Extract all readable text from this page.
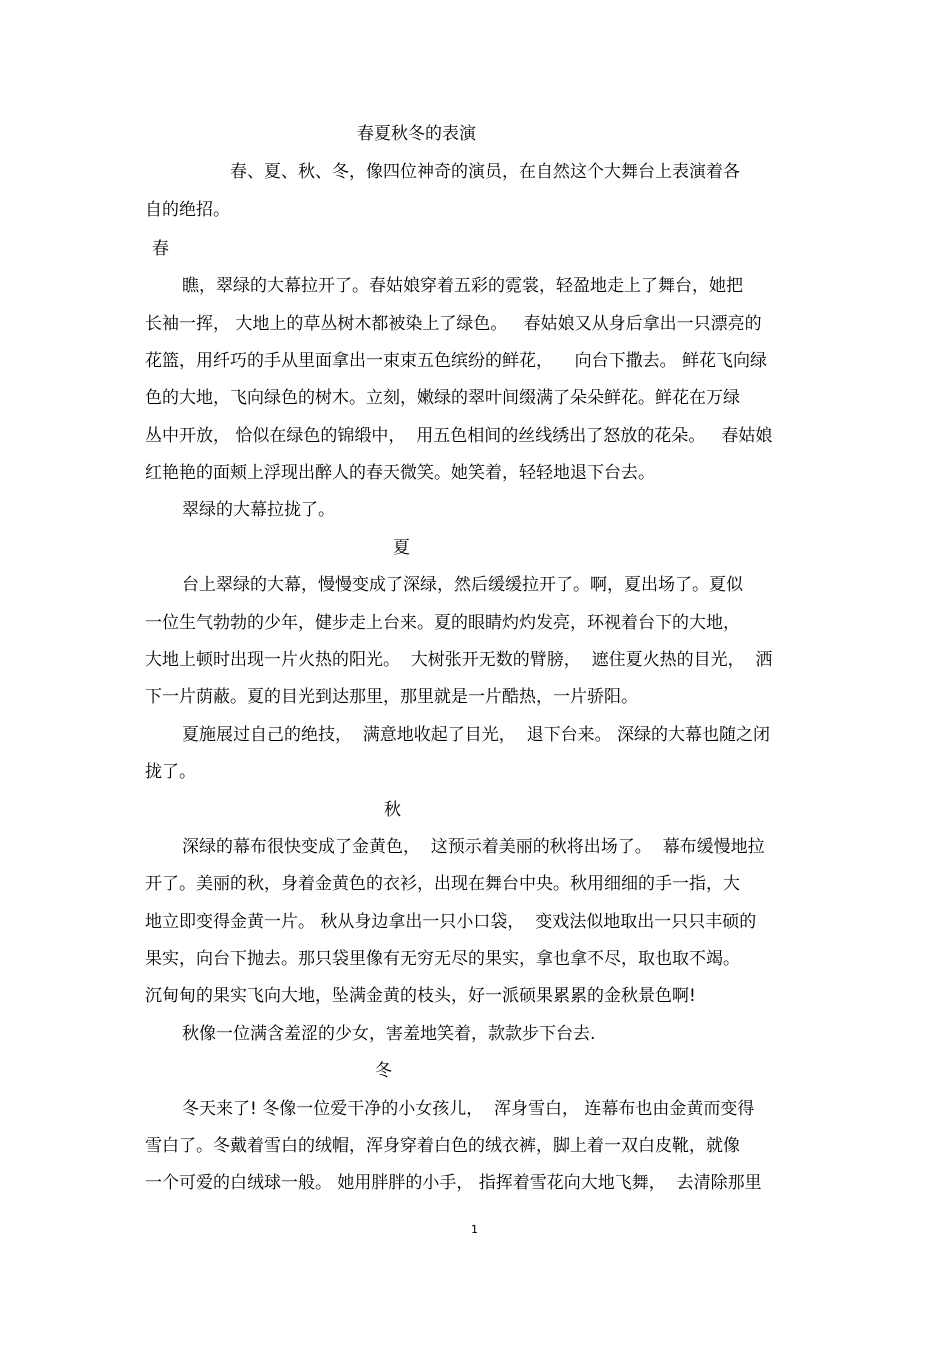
春夏秋冬的表演
春、夏、秋、冬，像四位神奇的演员，在自然这个大舞台上表演着各
自的绝招。
春
瞧，翠绿的大幕拉开了。春姑娘穿着五彩的霓裳，轻盈地走上了舞台，她把
长袖一挥， 大地上的草丛树木都被染上了绿色。   春姑娘又从身后拿出一只漂亮的
花篮，用纤巧的手从里面拿出一束束五色缤纷的鲜花，    向台下撒去。 鲜花飞向绿
色的大地，飞向绿色的树木。立刻，嫩绿的翠叶间缀满了朵朵鲜花。鲜花在万绿
丛中开放， 恰似在绿色的锦缎中，  用五色相间的丝线绣出了怒放的花朵。   春姑娘
红艳艳的面颊上浮现出醉人的春天微笑。她笑着，轻轻地退下台去。
翠绿的大幕拉拢了。
夏
台上翠绿的大幕，慢慢变成了深绿，然后缓缓拉开了。啊，夏出场了。夏似
一位生气勃勃的少年，健步走上台来。夏的眼睛灼灼发亮，环视着台下的大地，
大地上顿时出现一片火热的阳光。  大树张开无数的臂膀，  遮住夏火热的目光，  洒
下一片荫蔽。夏的目光到达那里，那里就是一片酷热，一片骄阳。
夏施展过自己的绝技，  满意地收起了目光，  退下台来。 深绿的大幕也随之闭
拢了。
秋
深绿的幕布很快变成了金黄色，  这预示着美丽的秋将出场了。  幕布缓慢地拉
开了。美丽的秋，身着金黄色的衣衫，出现在舞台中央。秋用细细的手一指，大
地立即变得金黄一片。 秋从身边拿出一只小口袋，  变戏法似地取出一只只丰硕的
果实，向台下抛去。那只袋里像有无穷无尽的果实，拿也拿不尽，取也取不竭。
沉甸甸的果实飞向大地，坠满金黄的枝头，好一派硕果累累的金秋景色啊!
秋像一位满含羞涩的少女，害羞地笑着，款款步下台去.
冬
冬天来了! 冬像一位爱干净的小女孩儿，  浑身雪白， 连幕布也由金黄而变得
雪白了。冬戴着雪白的绒帽，浑身穿着白色的绒衣裤，脚上着一双白皮靴，就像
一个可爱的白绒球一般。 她用胖胖的小手， 指挥着雪花向大地飞舞，  去清除那里
1
